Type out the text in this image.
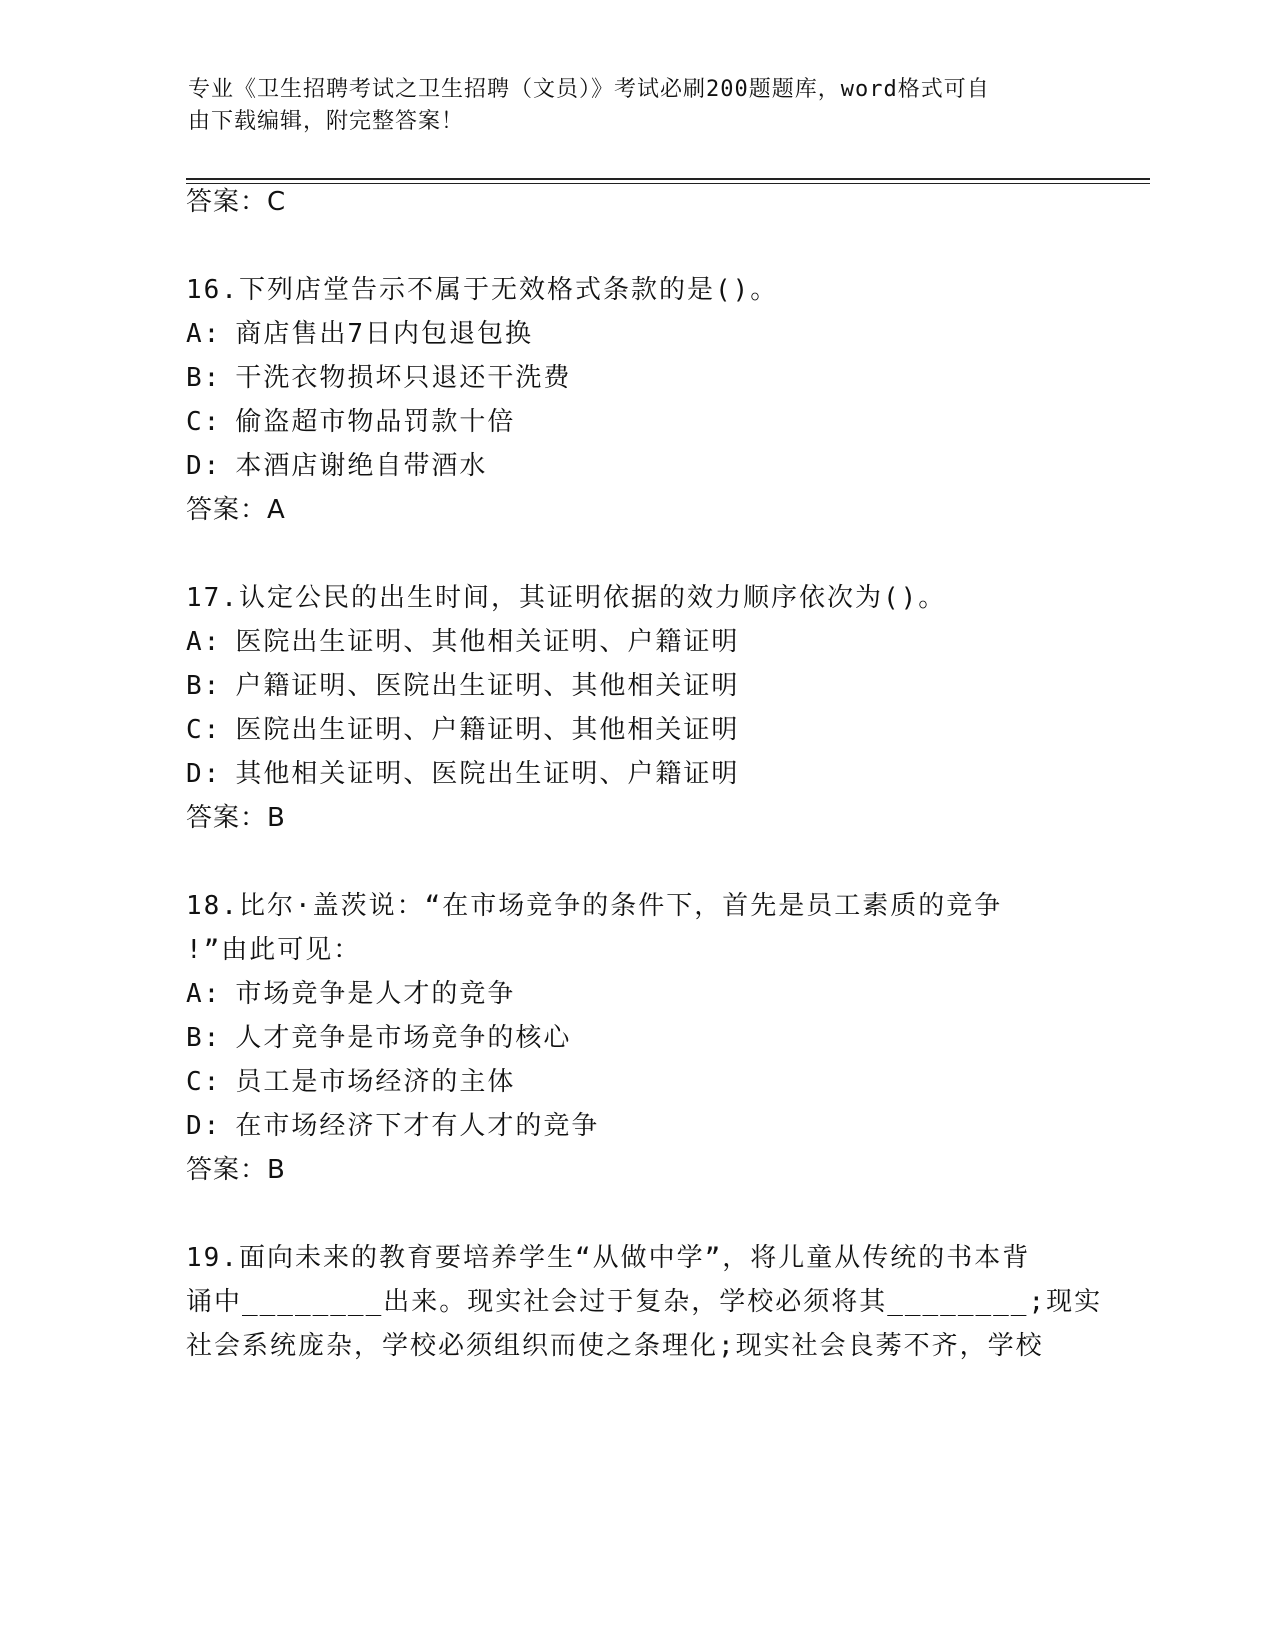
专业《卫生招聘考试之卫生招聘（文员）》考试必刷200题题库，word格式可自
由下载编辑，附完整答案！
答案：C
16.下列店堂告示不属于无效格式条款的是()。
A: 商店售出7日内包退包换
B: 干洗衣物损坏只退还干洗费
C: 偷盗超市物品罚款十倍
D: 本酒店谢绝自带酒水
答案：A
17.认定公民的出生时间，其证明依据的效力顺序依次为()。
A: 医院出生证明、其他相关证明、户籍证明
B: 户籍证明、医院出生证明、其他相关证明
C: 医院出生证明、户籍证明、其他相关证明
D: 其他相关证明、医院出生证明、户籍证明
答案：B
18.比尔·盖茨说：“在市场竞争的条件下，首先是员工素质的竞争
!”由此可见：
A: 市场竞争是人才的竞争
B: 人才竞争是市场竞争的核心
C: 员工是市场经济的主体
D: 在市场经济下才有人才的竞争
答案：B
19.面向未来的教育要培养学生“从做中学”，将儿童从传统的书本背
诵中________出来。现实社会过于复杂，学校必须将其________;现实
社会系统庞杂，学校必须组织而使之条理化;现实社会良莠不齐，学校
